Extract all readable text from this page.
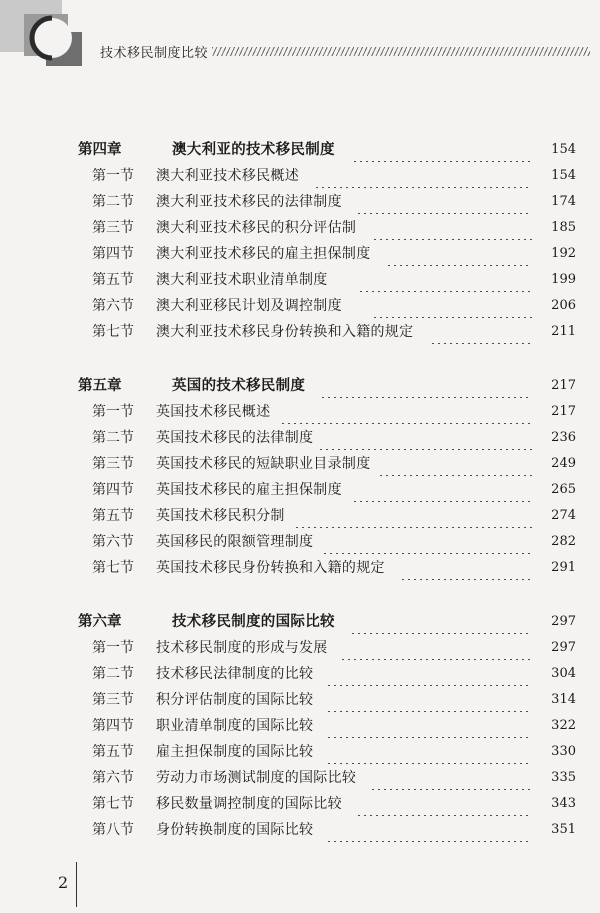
技术移民制度比较
第四章	澳大利亚的技术移民制度	154
第一节 澳大利亚技术移民概述	154
第二节 澳大利亚技术移民的法律制度	174
第三节 澳大利亚技术移民的积分评估制	185
第四节 澳大利亚技术移民的雇主担保制度	192
第五节 澳大利亚技术职业清单制度	199
第六节 澳大利亚移民计划及调控制度	206
第七节 澳大利亚技术移民身份转换和入籍的规定	211
第五章	英国的技术移民制度	217
第一节 英国技术移民概述	217
第二节 英国技术移民的法律制度	236
第三节 英国技术移民的短缺职业目录制度	249
第四节 英国技术移民的雇主担保制度	265
第五节 英国技术移民积分制	274
第六节 英国移民的限额管理制度	282
第七节 英国技术移民身份转换和入籍的规定	291
第六章	技术移民制度的国际比较	297
第一节 技术移民制度的形成与发展	297
第二节 技术移民法律制度的比较	304
第三节 积分评估制度的国际比较	314
第四节 职业清单制度的国际比较	322
第五节 雇主担保制度的国际比较	330
第六节 劳动力市场测试制度的国际比较	335
第七节 移民数量调控制度的国际比较	343
第八节 身份转换制度的国际比较	351
2
